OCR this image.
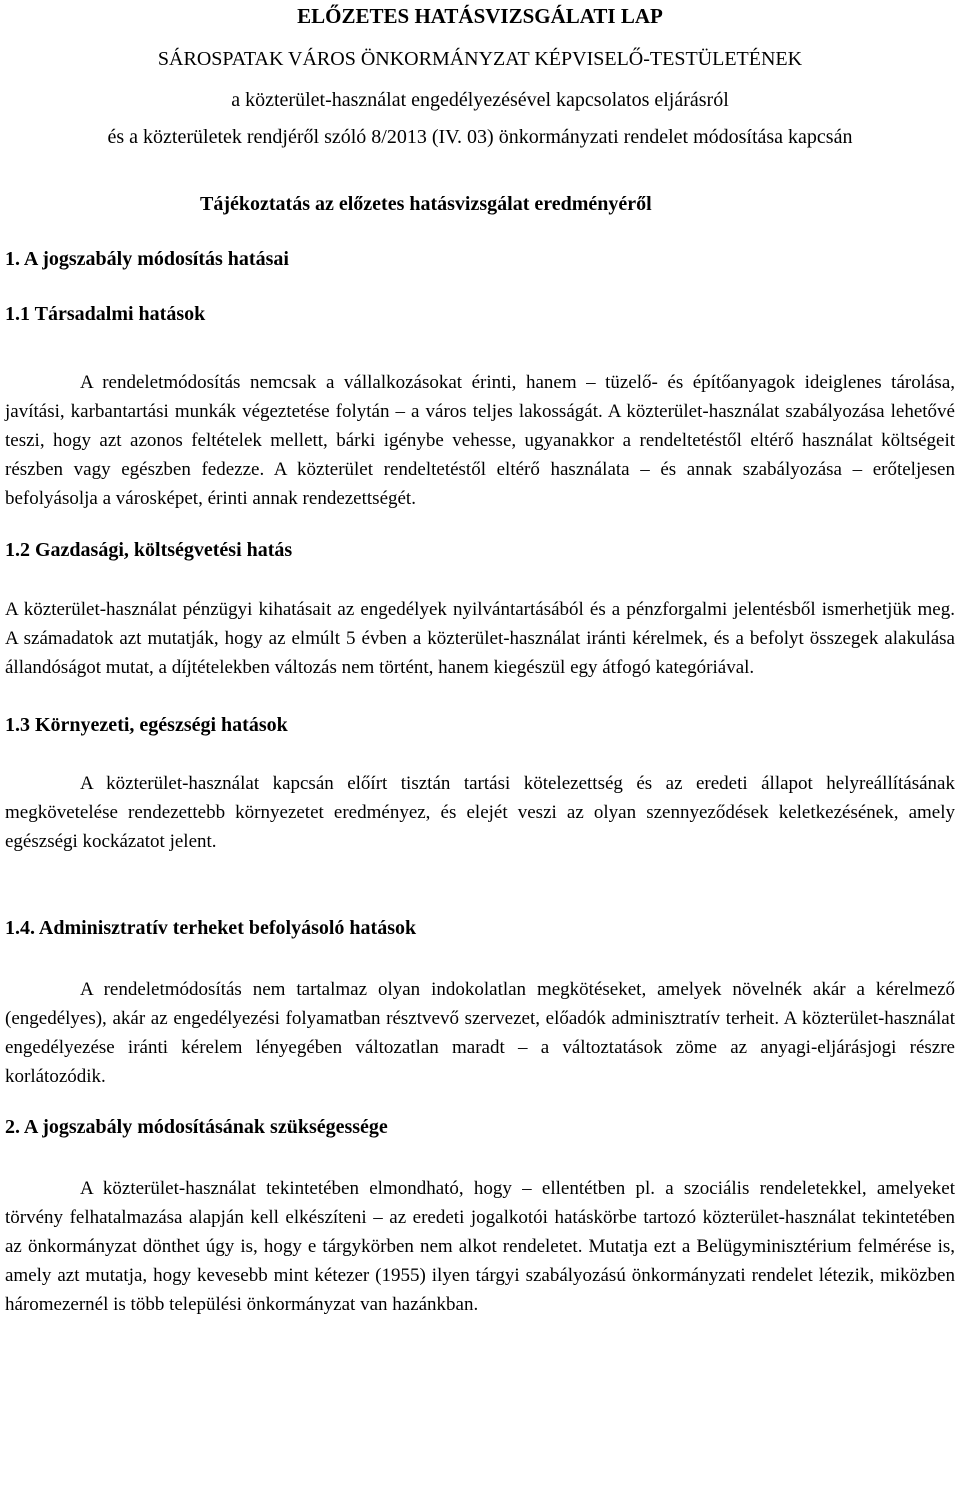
ELŐZETES HATÁSVIZSGÁLATI LAP

SÁROSPATAK VÁROS ÖNKORMÁNYZAT KÉPVISELŐ-TESTÜLETÉNEK

a közterület-használat engedélyezésével kapcsolatos eljárásról

és a közterületek rendjéről szóló 8/2013 (IV. 03) önkormányzati rendelet módosítása kapcsán

Tájékoztatás az előzetes hatásvizsgálat eredményéről

1. A jogszabály módosítás hatásai
1.1 Társadalmi hatások

A rendeletmódosítás nemcsak a vállalkozásokat érinti, hanem – tüzelő- és építőanyagok ideiglenes tárolása, javítási, karbantartási munkák végeztetése folytán – a város teljes lakosságát. A közterület-használat szabályozása lehetővé teszi, hogy azt azonos feltételek mellett, bárki igénybe vehesse, ugyanakkor a rendeltetéstől eltérő használat költségeit részben vagy egészben fedezze. A közterület rendeltetéstől eltérő használata – és annak szabályozása – erőteljesen befolyásolja a városképet, érinti annak rendezettségét.

1.2 Gazdasági, költségvetési hatás

A közterület-használat pénzügyi kihatásait az engedélyek nyilvántartásából és a pénzforgalmi jelentésből ismerhetjük meg. A számadatok azt mutatják, hogy az elmúlt 5 évben a közterület-használat iránti kérelmek, és a befolyt összegek alakulása állandóságot mutat, a díjtételekben változás nem történt, hanem kiegészül egy átfogó kategóriával.

1.3 Környezeti, egészségi hatások

A közterület-használat kapcsán előírt tisztán tartási kötelezettség és az eredeti állapot helyreállításának megkövetelése rendezettebb környezetet eredményez, és elejét veszi az olyan szennyeződések keletkezésének, amely egészségi kockázatot jelent.

1.4. Adminisztratív terheket befolyásoló hatások

A rendeletmódosítás nem tartalmaz olyan indokolatlan megkötéseket, amelyek növelnék akár a kérelmező (engedélyes), akár az engedélyezési folyamatban résztvevő szervezet, előadók adminisztratív terheit. A közterület-használat engedélyezése iránti kérelem lényegében változatlan maradt – a változtatások zöme az anyagi-eljárásjogi részre korlátozódik.

2. A jogszabály módosításának szükségessége

A közterület-használat tekintetében elmondható, hogy – ellentétben pl. a szociális rendeletekkel, amelyeket törvény felhatalmazása alapján kell elkészíteni – az eredeti jogalkotói hatáskörbe tartozó közterület-használat tekintetében az önkormányzat dönthet úgy is, hogy e tárgykörben nem alkot rendeletet. Mutatja ezt a Belügyminisztérium felmérése is, amely azt mutatja, hogy kevesebb mint kétezer (1955) ilyen tárgyi szabályozású önkormányzati rendelet létezik, miközben háromezernél is több települési önkormányzat van hazánkban.
